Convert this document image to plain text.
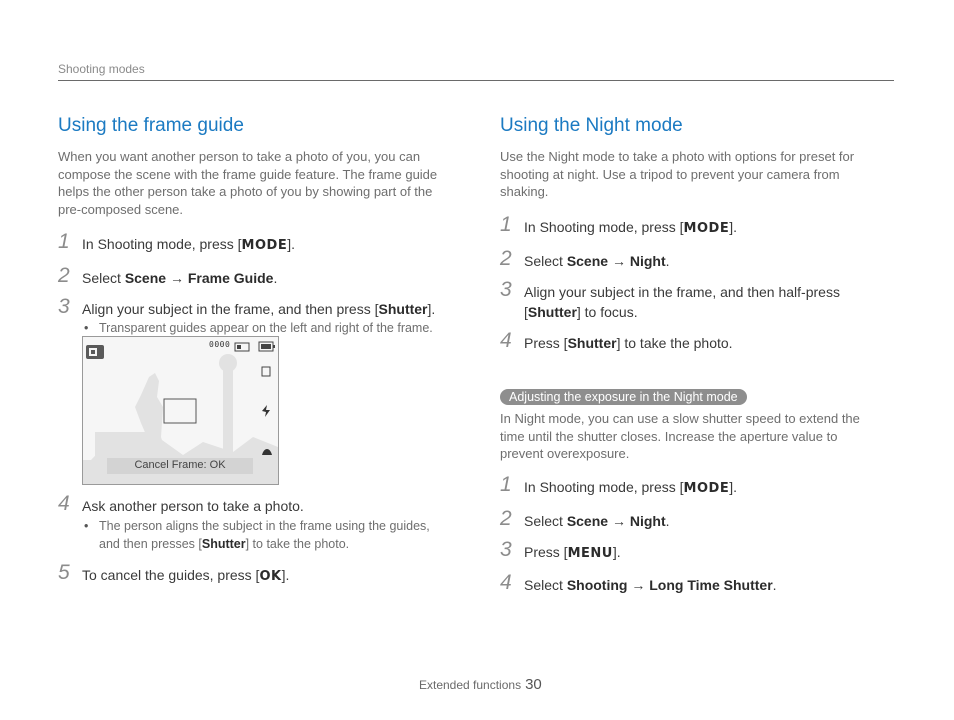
Shooting modes
Using the frame guide

When you want another person to take a photo of you, you can compose the scene with the frame guide feature. The frame guide helps the other person take a photo of you by showing part of the pre-composed scene.

1 In Shooting mode, press [MODE].
2 Select Scene → Frame Guide.
3 Align your subject in the frame, and then press [Shutter].
• Transparent guides appear on the left and right of the frame.
0000
Cancel Frame: OK
4 Ask another person to take a photo.
• The person aligns the subject in the frame using the guides, and then presses [Shutter] to take the photo.
5 To cancel the guides, press [OK].
Using the Night mode

Use the Night mode to take a photo with options for preset for shooting at night. Use a tripod to prevent your camera from shaking.

1 In Shooting mode, press [MODE].
2 Select Scene → Night.
3 Align your subject in the frame, and then half-press [Shutter] to focus.
4 Press [Shutter] to take the photo.
Adjusting the exposure in the Night mode

In Night mode, you can use a slow shutter speed to extend the time until the shutter closes. Increase the aperture value to prevent overexposure.

1 In Shooting mode, press [MODE].
2 Select Scene → Night.
3 Press [MENU].
4 Select Shooting → Long Time Shutter.
Extended functions 30
